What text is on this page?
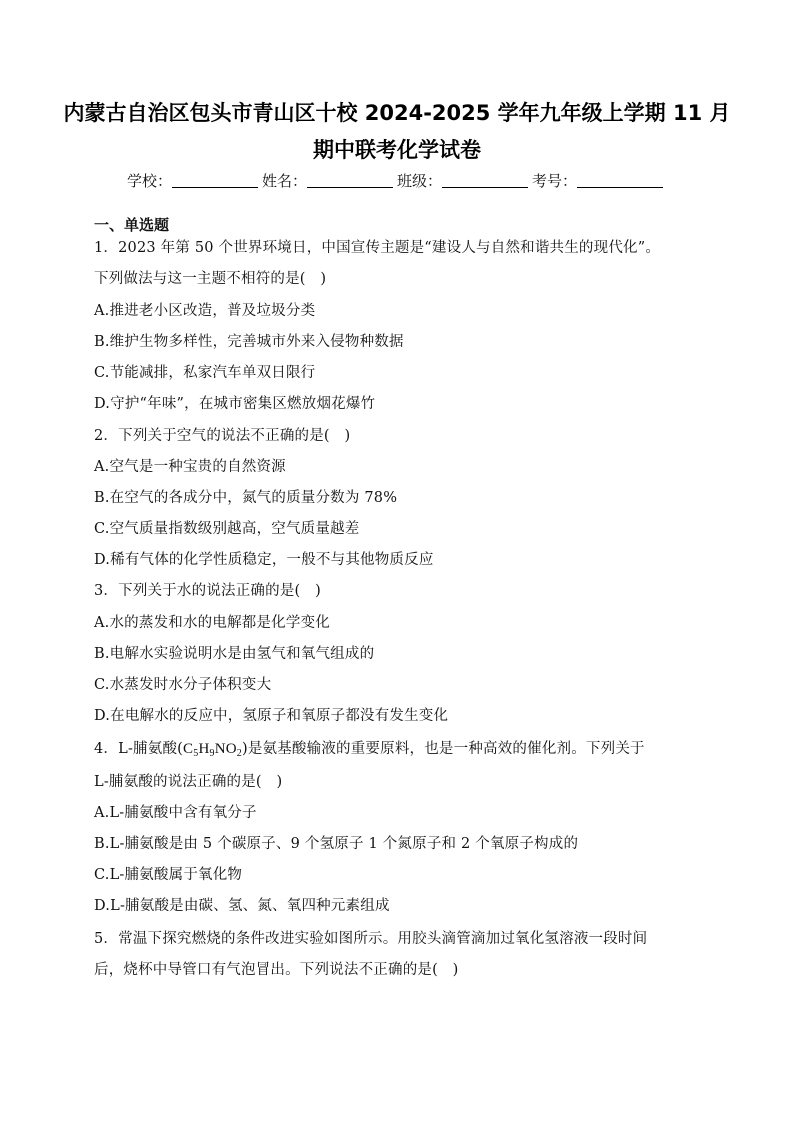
内蒙古自治区包头市青山区十校 2024-2025 学年九年级上学期 11 月
期中联考化学试卷
学校：	姓名：	班级：	考号：
一、单选题
1．2023 年第 50 个世界环境日，中国宣传主题是“建设人与自然和谐共生的现代化”。
下列做法与这一主题不相符的是(　)
A.推进老小区改造，普及垃圾分类
B.维护生物多样性，完善城市外来入侵物种数据
C.节能减排，私家汽车单双日限行
D.守护“年味”，在城市密集区燃放烟花爆竹
2．下列关于空气的说法不正确的是(　)
A.空气是一种宝贵的自然资源
B.在空气的各成分中，氮气的质量分数为 78%
C.空气质量指数级别越高，空气质量越差
D.稀有气体的化学性质稳定，一般不与其他物质反应
3．下列关于水的说法正确的是(　)
A.水的蒸发和水的电解都是化学变化
B.电解水实验说明水是由氢气和氧气组成的
C.水蒸发时水分子体积变大
D.在电解水的反应中，氢原子和氧原子都没有发生变化
4．L-脯氨酸$(C_5H_9NO_2)$是氨基酸输液的重要原料，也是一种高效的催化剂。下列关于
L-脯氨酸的说法正确的是(　)
A.L-脯氨酸中含有氧分子
B.L-脯氨酸是由 5 个碳原子、9 个氢原子 1 个氮原子和 2 个氧原子构成的
C.L-脯氨酸属于氧化物
D.L-脯氨酸是由碳、氢、氮、氧四种元素组成
5．常温下探究燃烧的条件改进实验如图所示。用胶头滴管滴加过氧化氢溶液一段时间
后，烧杯中导管口有气泡冒出。下列说法不正确的是(　)
